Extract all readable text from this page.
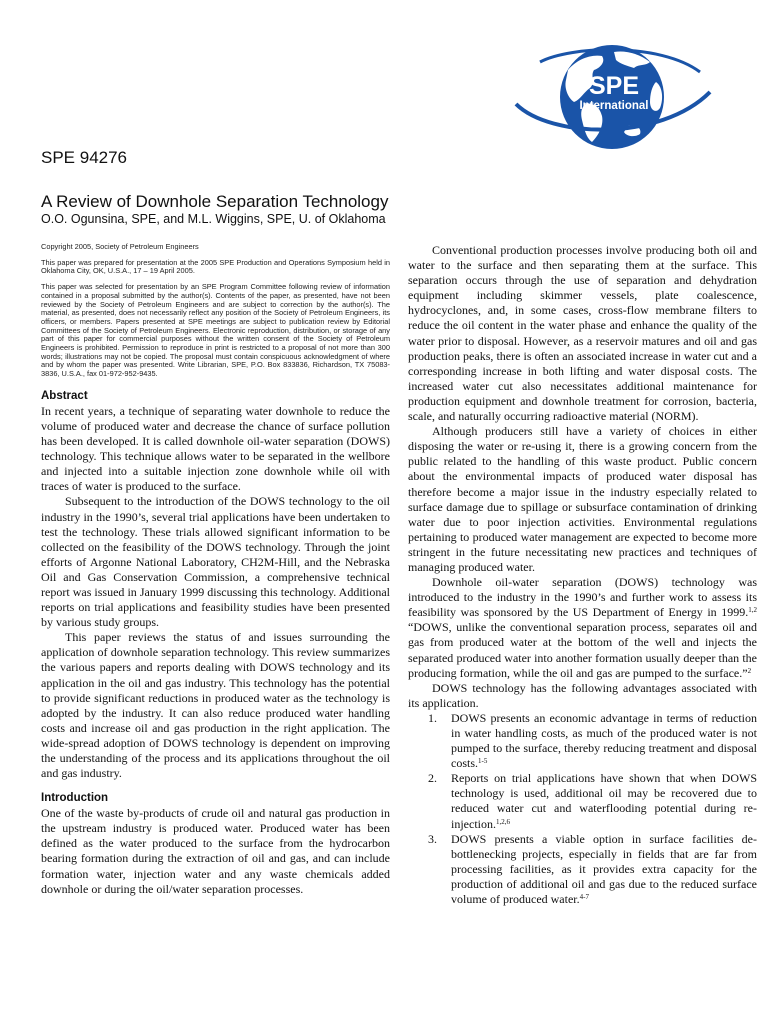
SPE
International
SPE 94276
A Review of Downhole Separation Technology
O.O. Ogunsina, SPE, and M.L. Wiggins, SPE, U. of Oklahoma

Copyright 2005, Society of Petroleum Engineers

This paper was prepared for presentation at the 2005 SPE Production and Operations Symposium held in Oklahoma City, OK, U.S.A., 17 – 19 April 2005.

This paper was selected for presentation by an SPE Program Committee following review of information contained in a proposal submitted by the author(s). Contents of the paper, as presented, have not been reviewed by the Society of Petroleum Engineers and are subject to correction by the author(s). The material, as presented, does not necessarily reflect any position of the Society of Petroleum Engineers, its officers, or members. Papers presented at SPE meetings are subject to publication review by Editorial Committees of the Society of Petroleum Engineers. Electronic reproduction, distribution, or storage of any part of this paper for commercial purposes without the written consent of the Society of Petroleum Engineers is prohibited. Permission to reproduce in print is restricted to a proposal of not more than 300 words; illustrations may not be copied. The proposal must contain conspicuous acknowledgment of where and by whom the paper was presented. Write Librarian, SPE, P.O. Box 833836, Richardson, TX 75083-3836, U.S.A., fax 01-972-952-9435.

Abstract

In recent years, a technique of separating water downhole to reduce the volume of produced water and decrease the chance of surface pollution has been developed. It is called downhole oil-water separation (DOWS) technology. This technique allows water to be separated in the wellbore and injected into a suitable injection zone downhole while oil with traces of water is produced to the surface.

Subsequent to the introduction of the DOWS technology to the oil industry in the 1990’s, several trial applications have been undertaken to test the technology. These trials allowed significant information to be collected on the feasibility of the DOWS technology. Through the joint efforts of Argonne National Laboratory, CH2M-Hill, and the Nebraska Oil and Gas Conservation Commission, a comprehensive technical report was issued in January 1999 discussing this technology. Additional reports on trial applications and feasibility studies have been presented by various study groups.

This paper reviews the status of and issues surrounding the application of downhole separation technology. This review summarizes the various papers and reports dealing with DOWS technology and its application in the oil and gas industry. This technology has the potential to provide significant reductions in produced water as the technology is adopted by the industry. It can also reduce produced water handling costs and increase oil and gas production in the right application. The wide-spread adoption of DOWS technology is dependent on improving the understanding of the process and its applications throughout the oil and gas industry.

Introduction

One of the waste by-products of crude oil and natural gas production in the upstream industry is produced water. Produced water has been defined as the water produced to the surface from the hydrocarbon bearing formation during the extraction of oil and gas, and can include formation water, injection water and any waste chemicals added downhole or during the oil/water separation processes.

Conventional production processes involve producing both oil and water to the surface and then separating them at the surface. This separation occurs through the use of separation and dehydration equipment including skimmer vessels, plate coalescence, hydrocyclones, and, in some cases, cross-flow membrane filters to reduce the oil content in the water phase and enhance the quality of the water prior to disposal. However, as a reservoir matures and oil and gas production peaks, there is often an associated increase in water cut and a corresponding increase in both lifting and water disposal costs. The increased water cut also necessitates additional maintenance for production equipment and downhole treatment for corrosion, bacteria, scale, and naturally occurring radioactive material (NORM).

Although producers still have a variety of choices in either disposing the water or re-using it, there is a growing concern from the public related to the handling of this waste product. Public concern about the environmental impacts of produced water disposal has therefore become a major issue in the industry especially related to surface damage due to spillage or subsurface contamination of drinking water due to poor injection activities. Environmental regulations pertaining to produced water management are expected to become more stringent in the future necessitating new practices and techniques of managing produced water.

Downhole oil-water separation (DOWS) technology was introduced to the industry in the 1990’s and further work to assess its feasibility was sponsored by the US Department of Energy in 1999.$^{1,2}$ “DOWS, unlike the conventional separation process, separates oil and gas from produced water at the bottom of the well and injects the separated produced water into another formation usually deeper than the producing formation, while the oil and gas are pumped to the surface.”$^2$

DOWS technology has the following advantages associated with its application.

1. DOWS presents an economic advantage in terms of reduction in water handling costs, as much of the produced water is not pumped to the surface, thereby reducing treatment and disposal costs.$^{1-5}$
2. Reports on trial applications have shown that when DOWS technology is used, additional oil may be recovered due to reduced water cut and waterflooding potential during re-injection.$^{1,2,6}$
3. DOWS presents a viable option in surface facilities de-bottlenecking projects, especially in fields that are far from processing facilities, as it provides extra capacity for the production of additional oil and gas due to the reduced surface volume of produced water.$^{4-7}$
